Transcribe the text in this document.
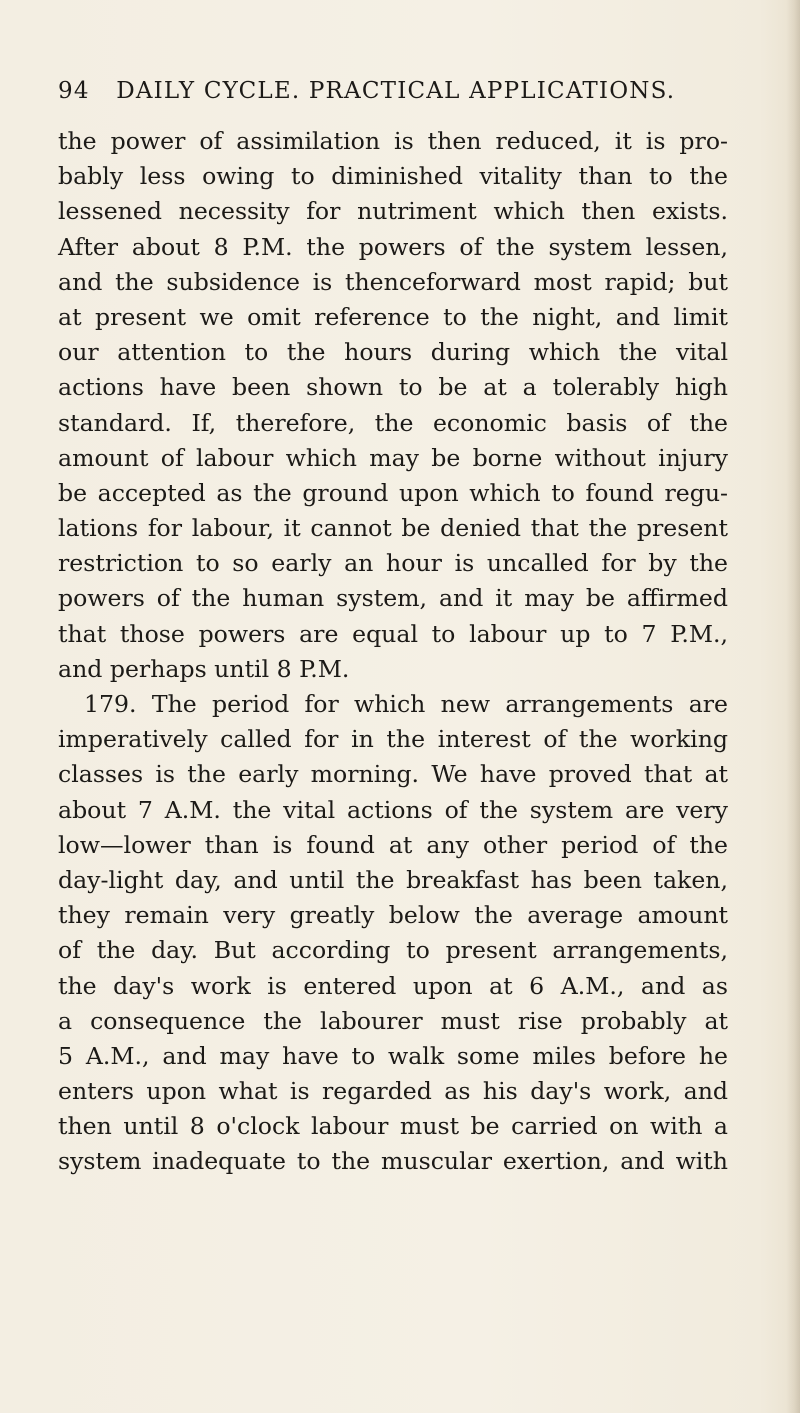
94 DAILY CYCLE. PRACTICAL APPLICATIONS.
the power of assimilation is then reduced, it is pro-
bably less owing to diminished vitality than to the
lessened necessity for nutriment which then exists.
After about 8 P.M. the powers of the system lessen,
and the subsidence is thenceforward most rapid; but
at present we omit reference to the night, and limit
our attention to the hours during which the vital
actions have been shown to be at a tolerably high
standard. If, therefore, the economic basis of the
amount of labour which may be borne without injury
be accepted as the ground upon which to found regu-
lations for labour, it cannot be denied that the present
restriction to so early an hour is uncalled for by the
powers of the human system, and it may be affirmed
that those powers are equal to labour up to 7 P.M.,
and perhaps until 8 P.M.
179. The period for which new arrangements are
imperatively called for in the interest of the working
classes is the early morning. We have proved that at
about 7 A.M. the vital actions of the system are very
low—lower than is found at any other period of the
day-light day, and until the breakfast has been taken,
they remain very greatly below the average amount
of the day. But according to present arrangements,
the day's work is entered upon at 6 A.M., and as
a consequence the labourer must rise probably at
5 A.M., and may have to walk some miles before he
enters upon what is regarded as his day's work, and
then until 8 o'clock labour must be carried on with a
system inadequate to the muscular exertion, and with
